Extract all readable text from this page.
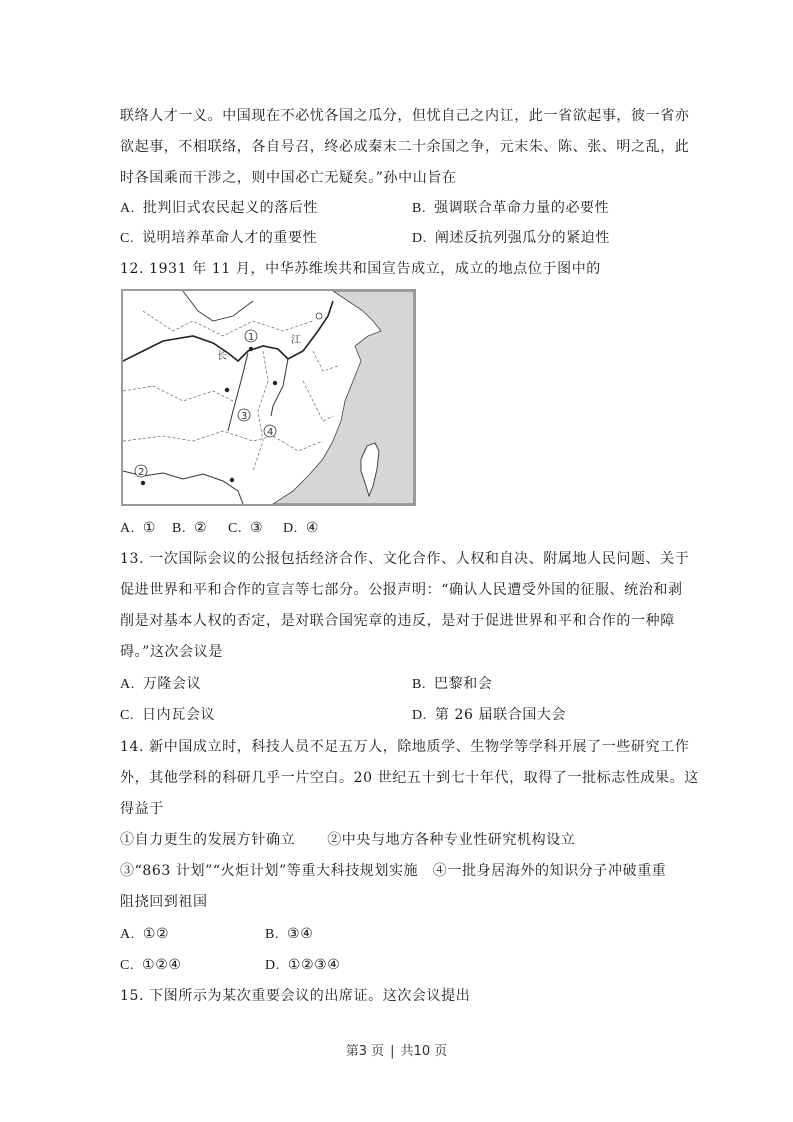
联络人才一义。中国现在不必忧各国之瓜分，但忧自己之内讧，此一省欲起事，彼一省亦
欲起事，不相联络，各自号召，终必成秦末二十余国之争，元末朱、陈、张、明之乱，此
时各国乘而干涉之，则中国必亡无疑矣。”孙中山旨在
A. 批判旧式农民起义的落后性	B. 强调联合革命力量的必要性
C. 说明培养革命人才的重要性	D. 阐述反抗列强瓜分的紧迫性
12. 1931 年 11 月，中华苏维埃共和国宣告成立，成立的地点位于图中的
1
2
3
4
长
江
A. ① B. ② C. ③ D. ④
13. 一次国际会议的公报包括经济合作、文化合作、人权和自决、附属地人民问题、关于
促进世界和平和合作的宣言等七部分。公报声明：“确认人民遭受外国的征服、统治和剥
削是对基本人权的否定，是对联合国宪章的违反，是对于促进世界和平和合作的一种障
碍。”这次会议是
A. 万隆会议	B. 巴黎和会
C. 日内瓦会议	D. 第 26 届联合国大会
14. 新中国成立时，科技人员不足五万人，除地质学、生物学等学科开展了一些研究工作
外，其他学科的科研几乎一片空白。20 世纪五十到七十年代，取得了一批标志性成果。这
得益于
①自力更生的发展方针确立 ②中央与地方各种专业性研究机构设立
③“863 计划”“火炬计划”等重大科技规划实施　④一批身居海外的知识分子冲破重重
阻挠回到祖国
A. ①②	B. ③④
C. ①②④	D. ①②③④
15. 下图所示为某次重要会议的出席证。这次会议提出
第3 页 | 共10 页
